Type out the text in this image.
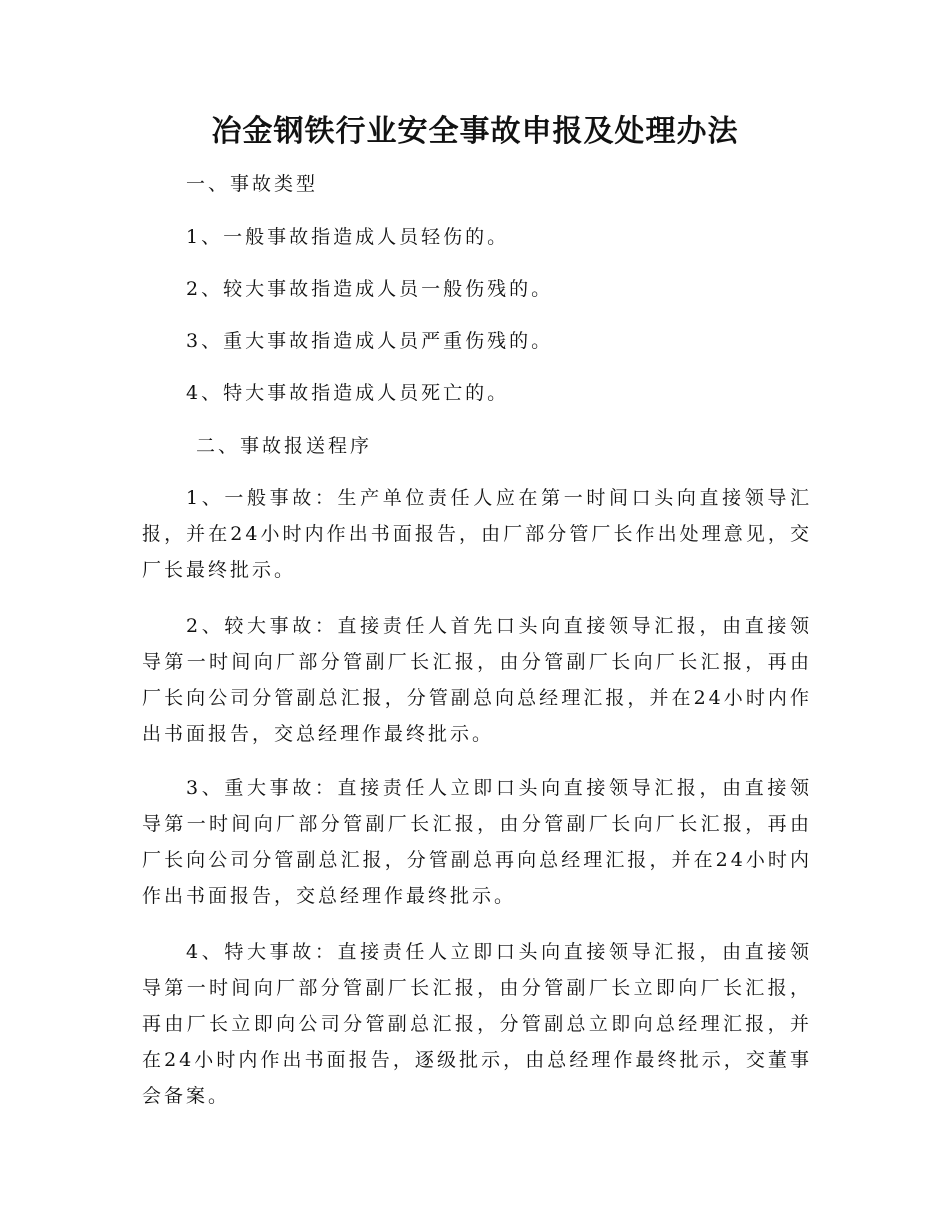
冶金钢铁行业安全事故申报及处理办法

一、事故类型

1、一般事故指造成人员轻伤的。

2、较大事故指造成人员一般伤残的。

3、重大事故指造成人员严重伤残的。

4、特大事故指造成人员死亡的。

二、事故报送程序

1、一般事故：生产单位责任人应在第一时间口头向直接领导汇报，并在24小时内作出书面报告，由厂部分管厂长作出处理意见，交厂长最终批示。

2、较大事故：直接责任人首先口头向直接领导汇报，由直接领导第一时间向厂部分管副厂长汇报，由分管副厂长向厂长汇报，再由厂长向公司分管副总汇报，分管副总向总经理汇报，并在24小时内作出书面报告，交总经理作最终批示。

3、重大事故：直接责任人立即口头向直接领导汇报，由直接领导第一时间向厂部分管副厂长汇报，由分管副厂长向厂长汇报，再由厂长向公司分管副总汇报，分管副总再向总经理汇报，并在24小时内作出书面报告，交总经理作最终批示。

4、特大事故：直接责任人立即口头向直接领导汇报，由直接领导第一时间向厂部分管副厂长汇报，由分管副厂长立即向厂长汇报，再由厂长立即向公司分管副总汇报，分管副总立即向总经理汇报，并在24小时内作出书面报告，逐级批示，由总经理作最终批示，交董事会备案。
